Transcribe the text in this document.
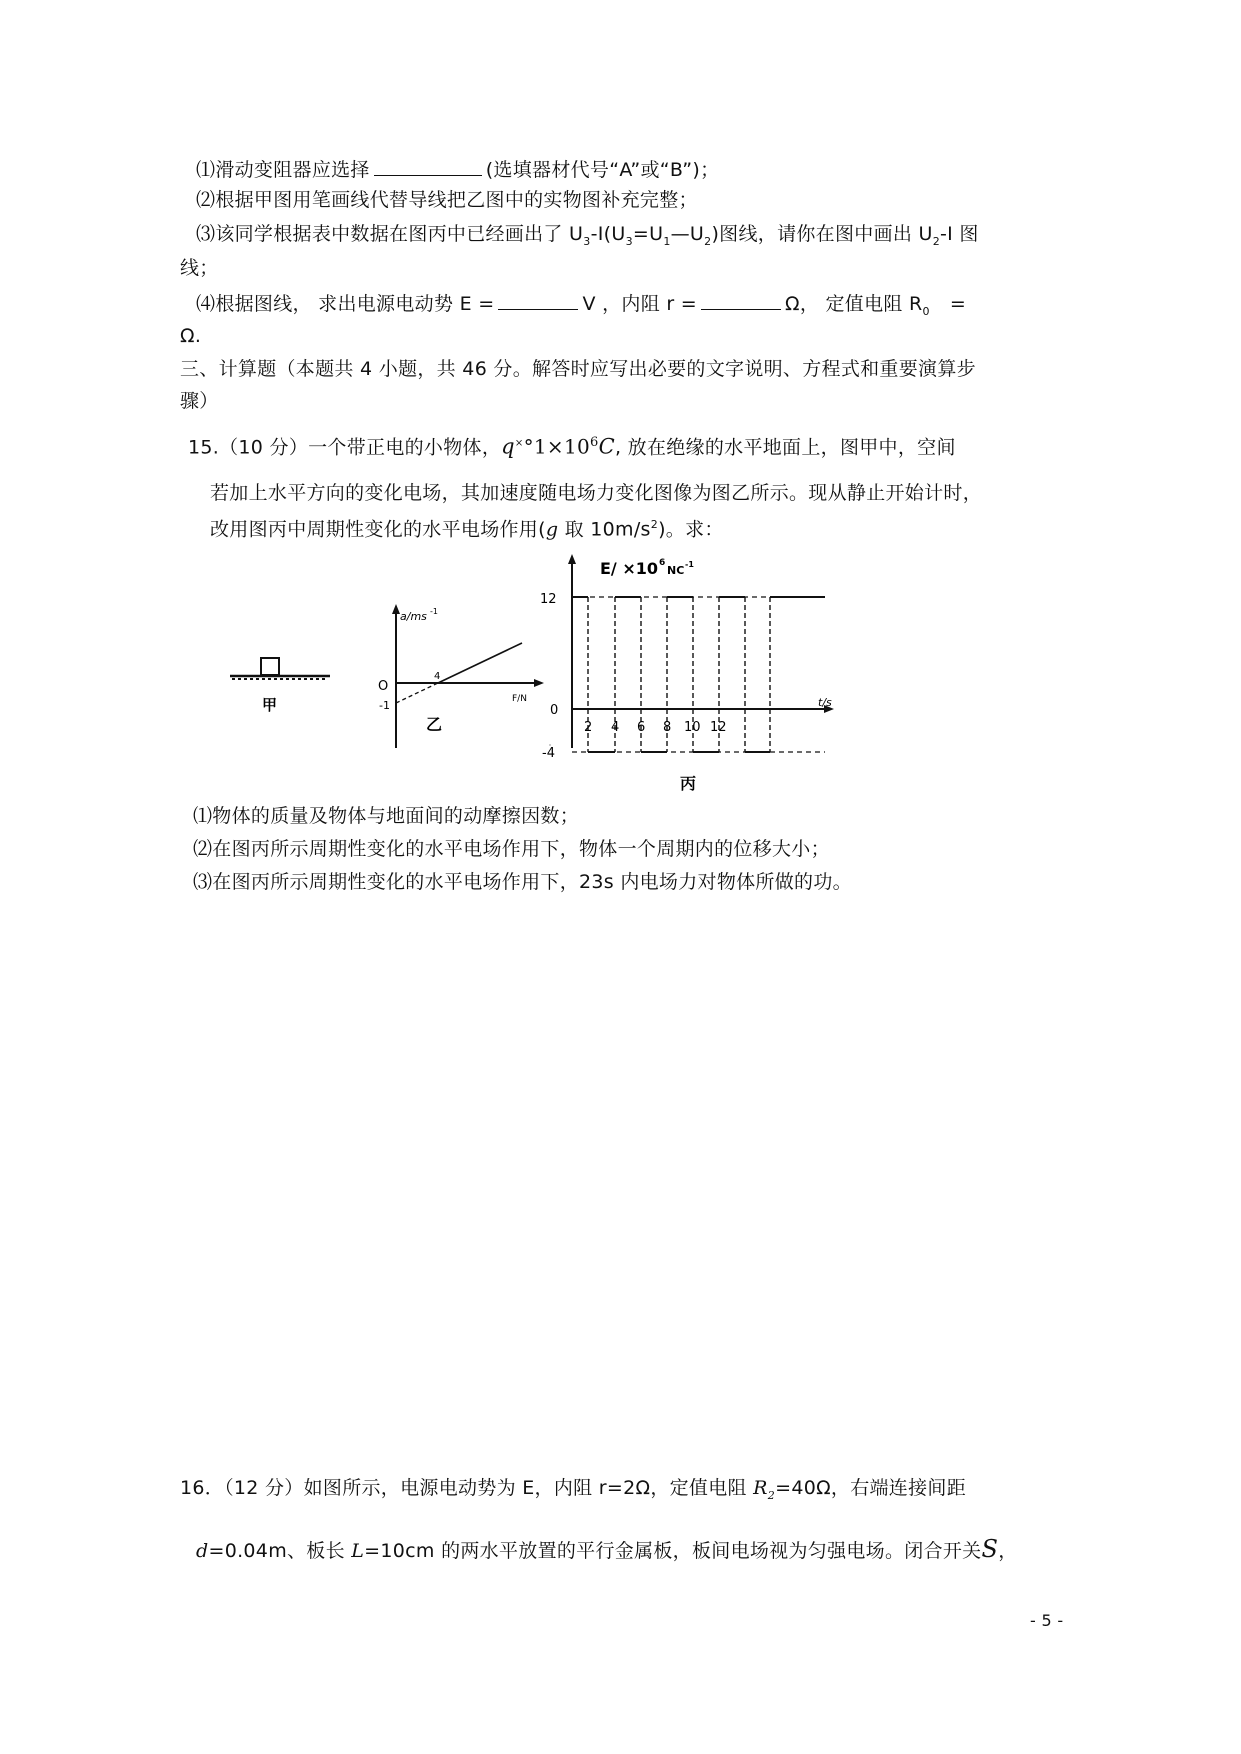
⑴滑动变阻器应选择	(选填器材代号“A”或“B”)；
⑵根据甲图用笔画线代替导线把乙图中的实物图补充完整；
⑶该同学根据表中数据在图丙中已经画出了 $U_3-I(U_3=U_1—U_2)$图线，请你在图中画出 $U_2-I$ 图
线；
⑷根据图线， 求出电源电动势 E =	V ，内阻 r =	Ω， 定值电阻 $R_0$ =
Ω.
三、计算题（本题共 4 小题，共 46 分。解答时应写出必要的文字说明、方程式和重要演算步
骤）
15.（10 分）一个带正电的小物体，$q^\times^\circ 1\times 10^6C$, 放在绝缘的水平地面上，图甲中，空间
若加上水平方向的变化电场，其加速度随电场力变化图像为图乙所示。现从静止开始计时，
改用图丙中周期性变化的水平电场作用(g 取 $10m/s^2$)。求：
甲
a/ms -1
O
4
-1	F/N
乙
E/ ×10 6
NC -1
12
0
-4
t/s
2 4 6 8 10 12
丙
⑴物体的质量及物体与地面间的动摩擦因数；
⑵在图丙所示周期性变化的水平电场作用下，物体一个周期内的位移大小；
⑶在图丙所示周期性变化的水平电场作用下，23s 内电场力对物体所做的功。
16．（12 分）如图所示，电源电动势为 E，内阻 r=2Ω，定值电阻 $R_2=40\Omega$，右端连接间距
d=0.04m、板长 L=10cm 的两水平放置的平行金属板，板间电场视为匀强电场。闭合开关S，
- 5 -
